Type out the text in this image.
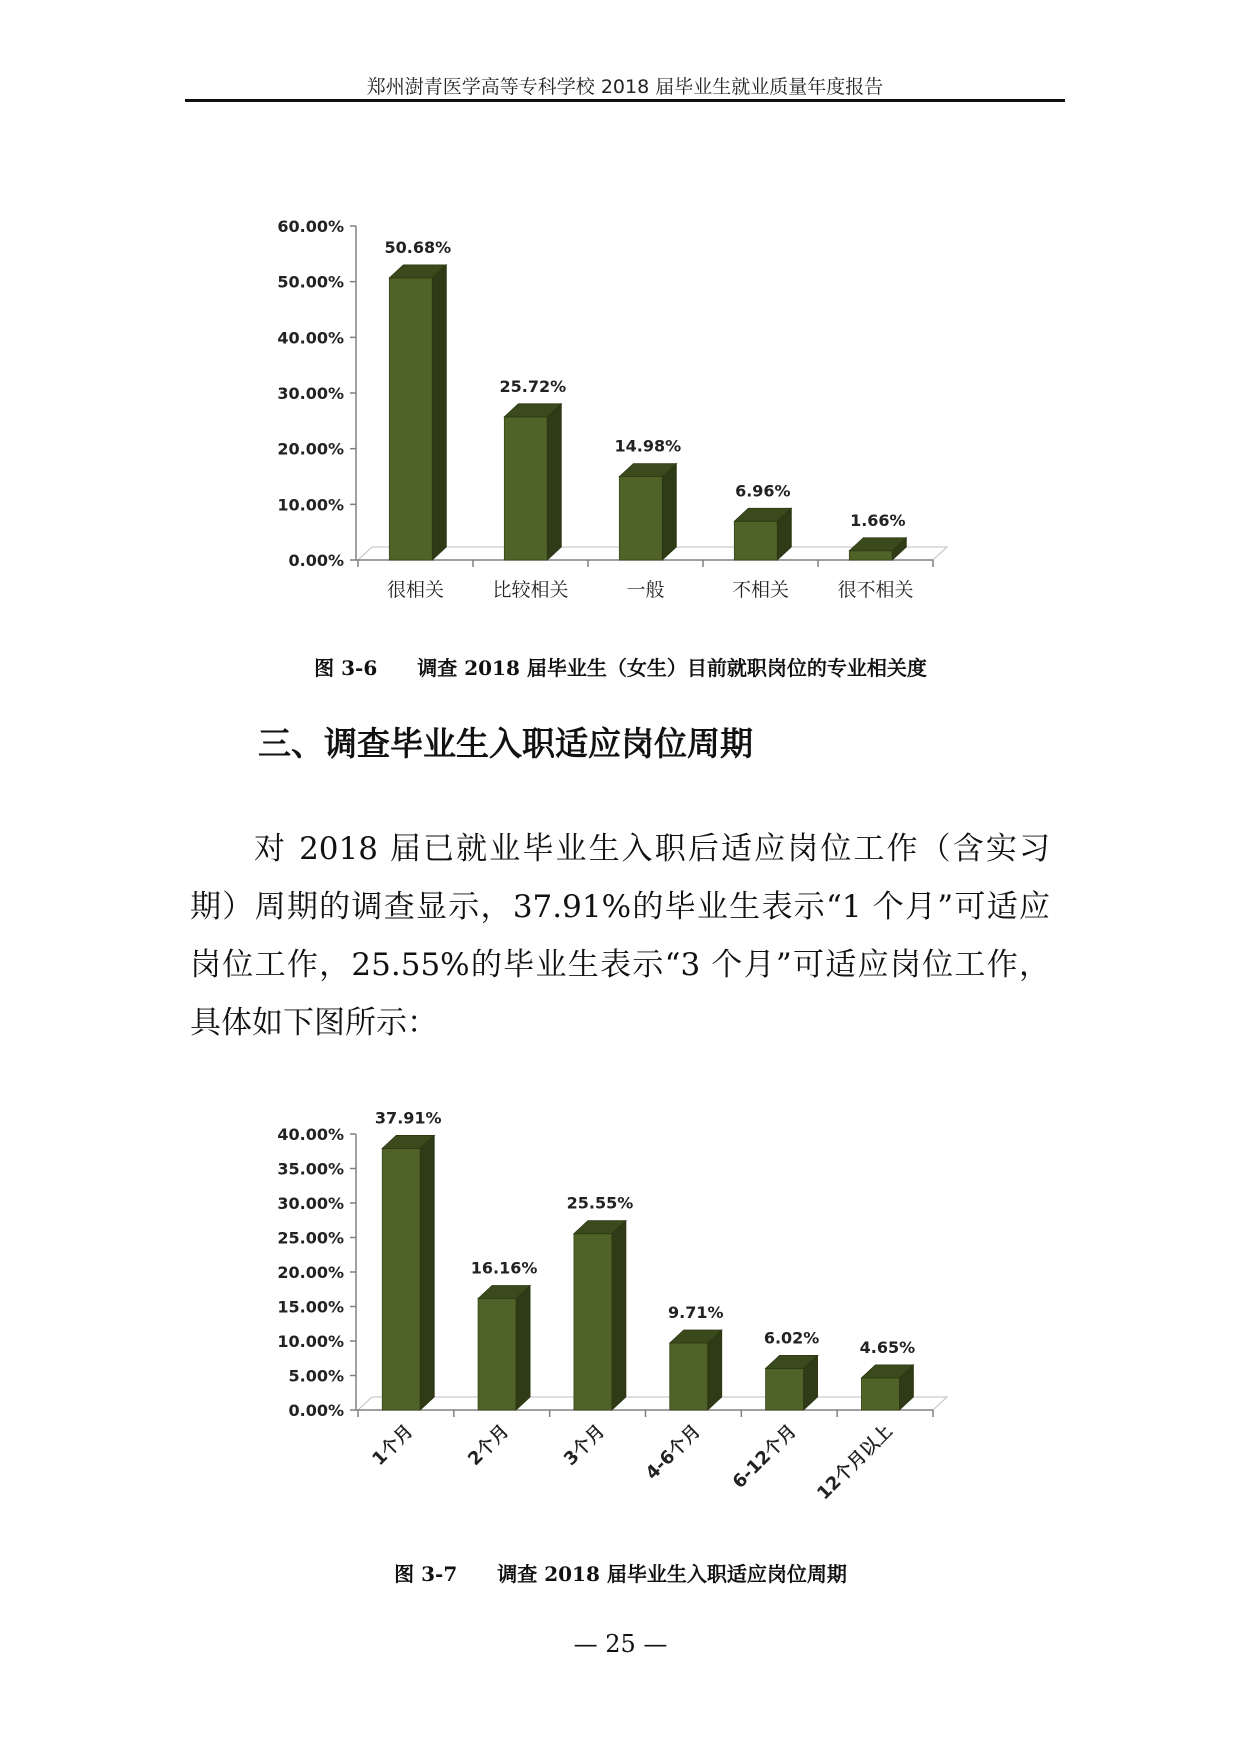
郑州澍青医学高等专科学校 2018 届毕业生就业质量年度报告
0.00%
10.00%
20.00%
30.00%
40.00%
50.00%
60.00%
50.68%
很相关
25.72%
比较相关
14.98%
一般
6.96%
不相关
1.66%
很不相关
图 3-6　　调查 2018 届毕业生（女生）目前就职岗位的专业相关度
三、调查毕业生入职适应岗位周期
对 2018 届已就业毕业生入职后适应岗位工作（含实习期）周期的调查显示，37.91%的毕业生表示“1 个月”可适应岗位工作，25.55%的毕业生表示“3 个月”可适应岗位工作，具体如下图所示：
0.00%
5.00%
10.00%
15.00%
20.00%
25.00%
30.00%
35.00%
40.00%
37.91%
1个月
16.16%
2个月
25.55%
3个月
9.71%
4-6个月
6.02%
6-12个月
4.65%
12个月以上
图 3-7　　调查 2018 届毕业生入职适应岗位周期
— 25 —
